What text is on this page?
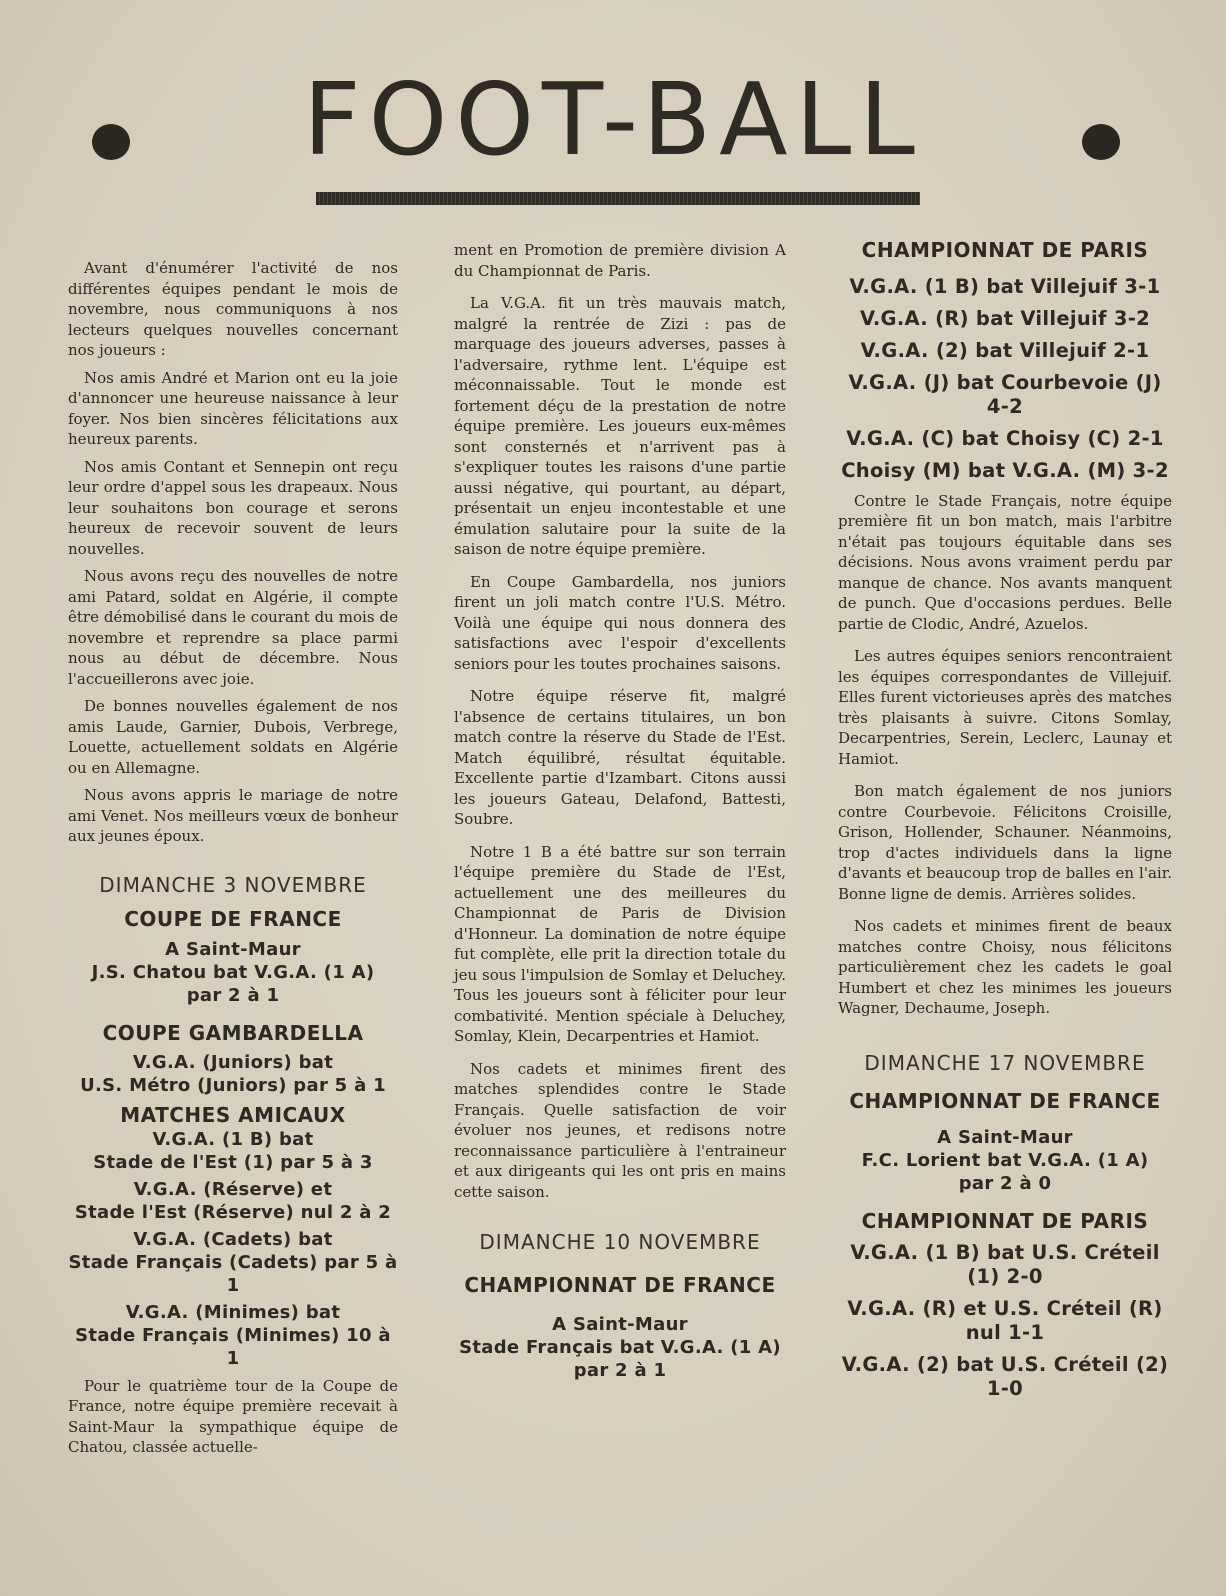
FOOT-BALL

Avant d'énumérer l'activité de nos différentes équipes pendant le mois de novembre, nous communiquons à nos lecteurs quelques nouvelles concernant nos joueurs :

Nos amis André et Marion ont eu la joie d'annoncer une heureuse naissance à leur foyer. Nos bien sincères félicitations aux heureux parents.

Nos amis Contant et Sennepin ont reçu leur ordre d'appel sous les drapeaux. Nous leur souhaitons bon courage et serons heureux de recevoir souvent de leurs nouvelles.

Nous avons reçu des nouvelles de notre ami Patard, soldat en Algérie, il compte être démobilisé dans le courant du mois de novembre et reprendre sa place parmi nous au début de décembre. Nous l'accueillerons avec joie.

De bonnes nouvelles également de nos amis Laude, Garnier, Dubois, Verbrege, Louette, actuellement soldats en Algérie ou en Allemagne.

Nous avons appris le mariage de notre ami Venet. Nos meilleurs vœux de bonheur aux jeunes époux.

DIMANCHE 3 NOVEMBRE
COUPE DE FRANCE
A Saint-Maur
J.S. Chatou bat V.G.A. (1 A)
par 2 à 1
COUPE GAMBARDELLA
V.G.A. (Juniors) bat
U.S. Métro (Juniors) par 5 à 1
MATCHES AMICAUX
V.G.A. (1 B) bat
Stade de l'Est (1) par 5 à 3
V.G.A. (Réserve) et
Stade l'Est (Réserve) nul 2 à 2
V.G.A. (Cadets) bat
Stade Français (Cadets) par 5 à 1
V.G.A. (Minimes) bat
Stade Français (Minimes) 10 à 1

Pour le quatrième tour de la Coupe de France, notre équipe première recevait à Saint-Maur la sympathique équipe de Chatou, classée actuelle-

ment en Promotion de première division A du Championnat de Paris.

La V.G.A. fit un très mauvais match, malgré la rentrée de Zizi : pas de marquage des joueurs adverses, passes à l'adversaire, rythme lent. L'équipe est méconnaissable. Tout le monde est fortement déçu de la prestation de notre équipe première. Les joueurs eux-mêmes sont consternés et n'arrivent pas à s'expliquer toutes les raisons d'une partie aussi négative, qui pourtant, au départ, présentait un enjeu incontestable et une émulation salutaire pour la suite de la saison de notre équipe première.

En Coupe Gambardella, nos juniors firent un joli match contre l'U.S. Métro. Voilà une équipe qui nous donnera des satisfactions avec l'espoir d'excellents seniors pour les toutes prochaines saisons.

Notre équipe réserve fit, malgré l'absence de certains titulaires, un bon match contre la réserve du Stade de l'Est. Match équilibré, résultat équitable. Excellente partie d'Izambart. Citons aussi les joueurs Gateau, Delafond, Battesti, Soubre.

Notre 1 B a été battre sur son terrain l'équipe première du Stade de l'Est, actuellement une des meilleures du Championnat de Paris de Division d'Honneur. La domination de notre équipe fut complète, elle prit la direction totale du jeu sous l'impulsion de Somlay et Deluchey. Tous les joueurs sont à féliciter pour leur combativité. Mention spéciale à Deluchey, Somlay, Klein, Decarpentries et Hamiot.

Nos cadets et minimes firent des matches splendides contre le Stade Français. Quelle satisfaction de voir évoluer nos jeunes, et redisons notre reconnaissance particulière à l'entraineur et aux dirigeants qui les ont pris en mains cette saison.

DIMANCHE 10 NOVEMBRE
CHAMPIONNAT DE FRANCE
A Saint-Maur
Stade Français bat V.G.A. (1 A)
par 2 à 1
CHAMPIONNAT DE PARIS
V.G.A. (1 B) bat Villejuif 3-1
V.G.A. (R) bat Villejuif 3-2
V.G.A. (2) bat Villejuif 2-1
V.G.A. (J) bat Courbevoie (J) 4-2
V.G.A. (C) bat Choisy (C) 2-1
Choisy (M) bat V.G.A. (M) 3-2

Contre le Stade Français, notre équipe première fit un bon match, mais l'arbitre n'était pas toujours équitable dans ses décisions. Nous avons vraiment perdu par manque de chance. Nos avants manquent de punch. Que d'occasions perdues. Belle partie de Clodic, André, Azuelos.

Les autres équipes seniors rencontraient les équipes correspondantes de Villejuif. Elles furent victorieuses après des matches très plaisants à suivre. Citons Somlay, Decarpentries, Serein, Leclerc, Launay et Hamiot.

Bon match également de nos juniors contre Courbevoie. Félicitons Croisille, Grison, Hollender, Schauner. Néanmoins, trop d'actes individuels dans la ligne d'avants et beaucoup trop de balles en l'air. Bonne ligne de demis. Arrières solides.

Nos cadets et minimes firent de beaux matches contre Choisy, nous félicitons particulièrement chez les cadets le goal Humbert et chez les minimes les joueurs Wagner, Dechaume, Joseph.

DIMANCHE 17 NOVEMBRE
CHAMPIONNAT DE FRANCE
A Saint-Maur
F.C. Lorient bat V.G.A. (1 A)
par 2 à 0
CHAMPIONNAT DE PARIS
V.G.A. (1 B) bat U.S. Créteil (1) 2-0
V.G.A. (R) et U.S. Créteil (R) nul 1-1
V.G.A. (2) bat U.S. Créteil (2) 1-0
